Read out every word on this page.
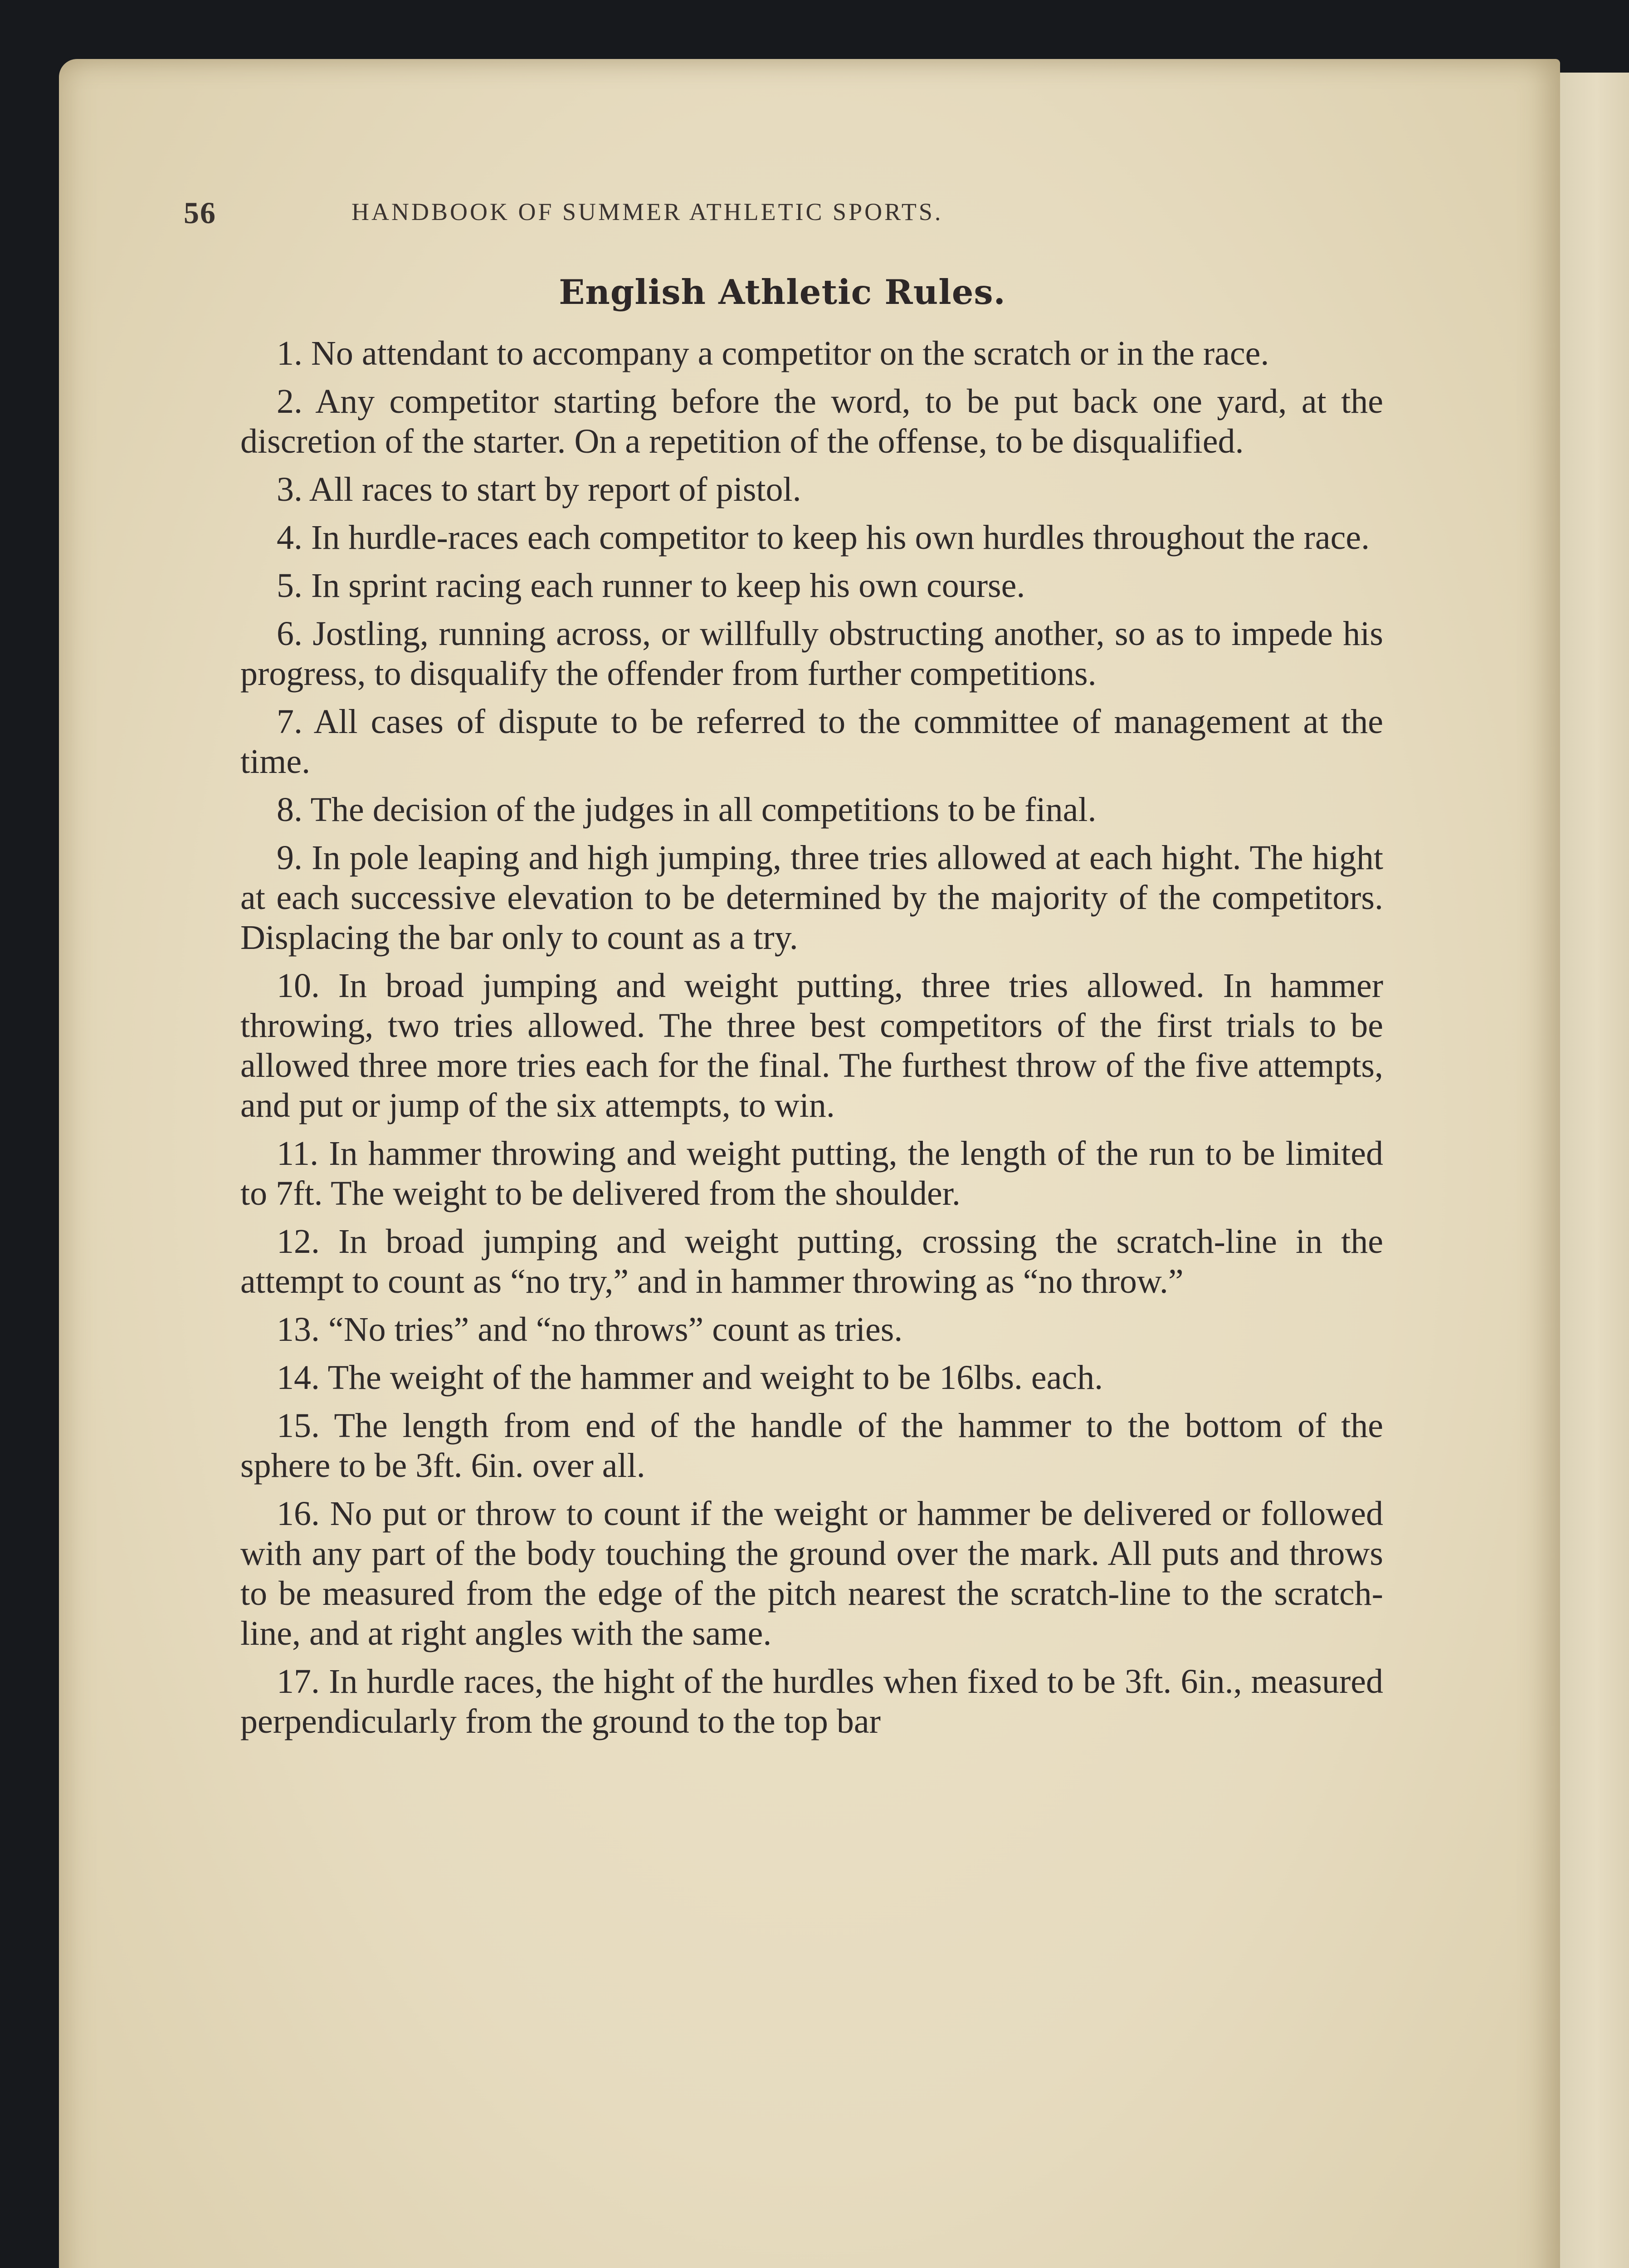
56	HANDBOOK OF SUMMER ATHLETIC SPORTS.
English Athletic Rules.

1. No attendant to accompany a competitor on the scratch or in the race.

2. Any competitor starting before the word, to be put back one yard, at the discretion of the starter. On a repetition of the offense, to be disqualified.

3. All races to start by report of pistol.

4. In hurdle-races each competitor to keep his own hurdles throughout the race.

5. In sprint racing each runner to keep his own course.

6. Jostling, running across, or willfully obstructing another, so as to impede his progress, to disqualify the offender from further competitions.

7. All cases of dispute to be referred to the committee of management at the time.

8. The decision of the judges in all competitions to be final.

9. In pole leaping and high jumping, three tries allowed at each hight. The hight at each successive elevation to be determined by the majority of the competitors. Displacing the bar only to count as a try.

10. In broad jumping and weight putting, three tries allowed. In hammer throwing, two tries allowed. The three best competitors of the first trials to be allowed three more tries each for the final. The furthest throw of the five attempts, and put or jump of the six attempts, to win.

11. In hammer throwing and weight putting, the length of the run to be limited to 7ft. The weight to be delivered from the shoulder.

12. In broad jumping and weight putting, crossing the scratch-line in the attempt to count as “no try,” and in hammer throwing as “no throw.”

13. “No tries” and “no throws” count as tries.

14. The weight of the hammer and weight to be 16lbs. each.

15. The length from end of the handle of the hammer to the bottom of the sphere to be 3ft. 6in. over all.

16. No put or throw to count if the weight or hammer be delivered or followed with any part of the body touching the ground over the mark. All puts and throws to be measured from the edge of the pitch nearest the scratch-line to the scratch-line, and at right angles with the same.

17. In hurdle races, the hight of the hurdles when fixed to be 3ft. 6in., measured perpendicularly from the ground to the top bar
